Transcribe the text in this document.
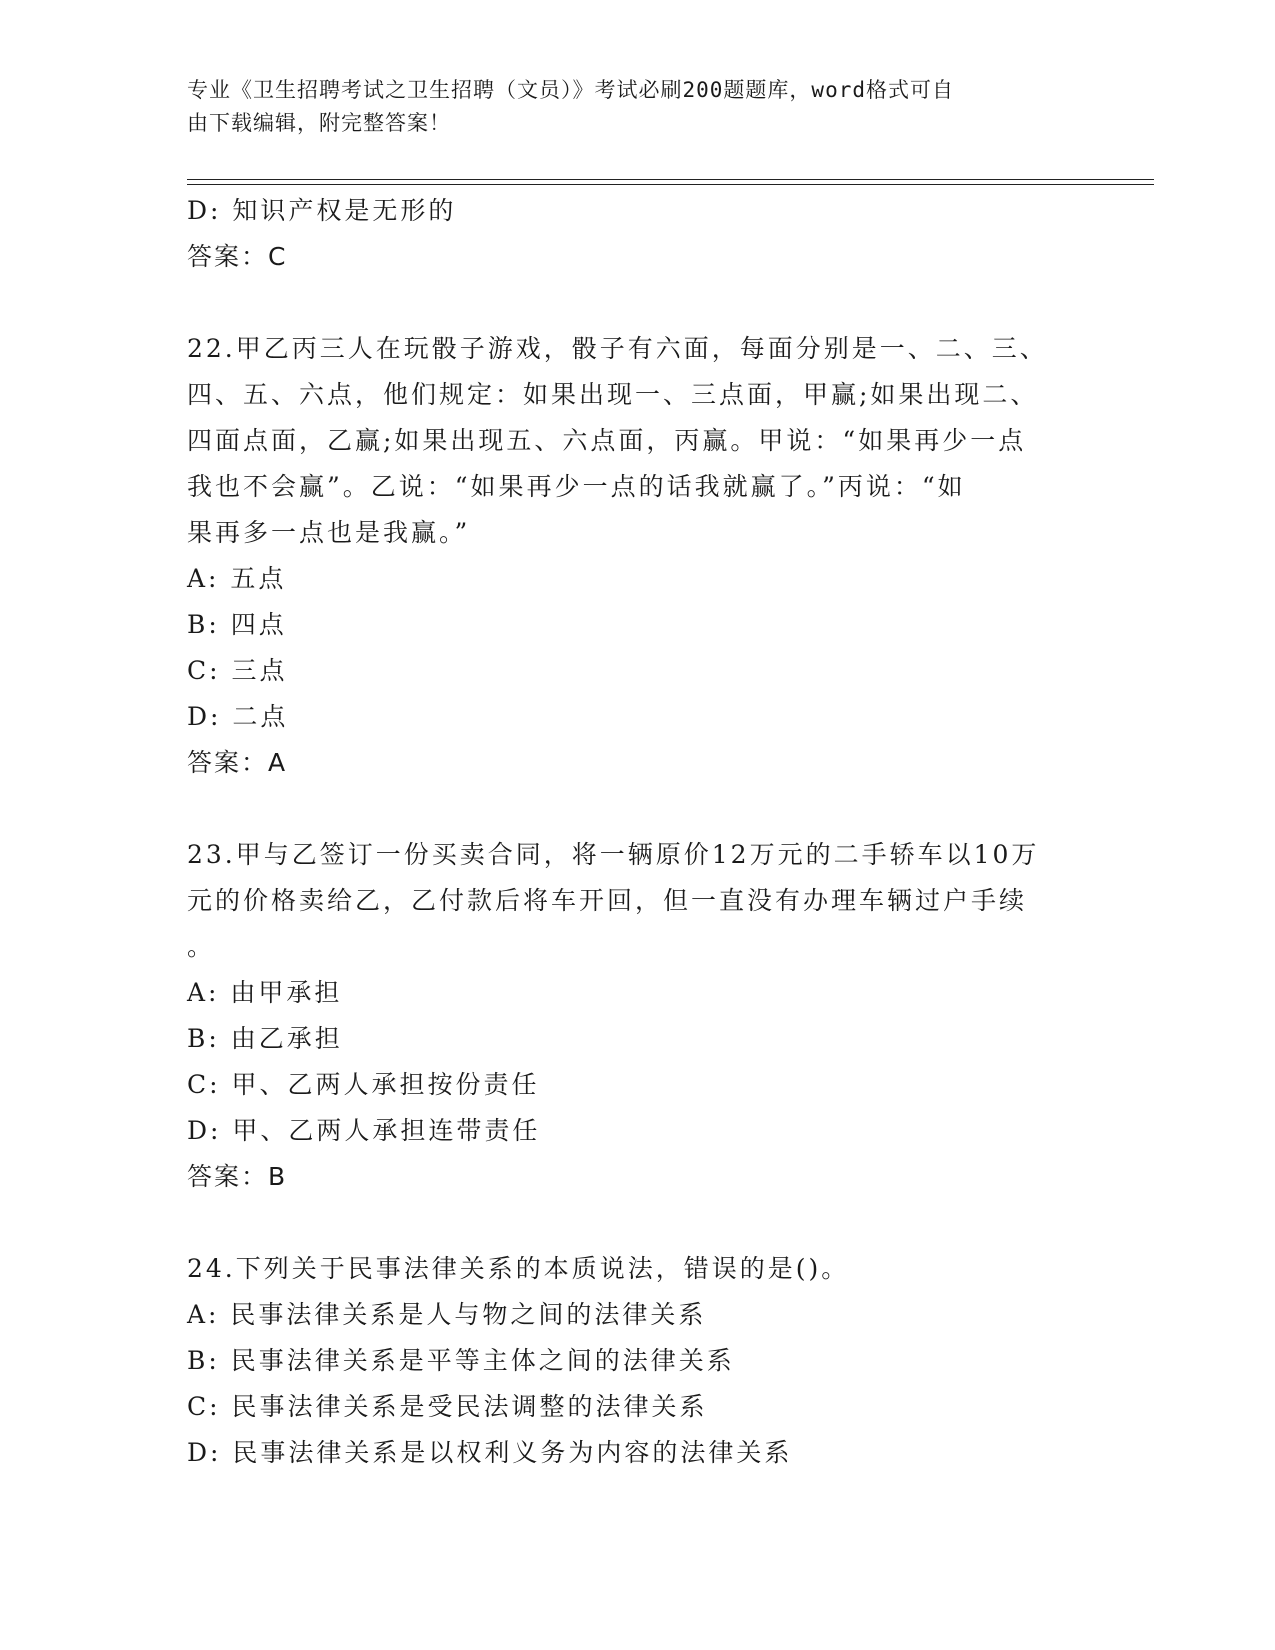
专业《卫生招聘考试之卫生招聘（文员）》考试必刷200题题库，word格式可自
由下载编辑，附完整答案！
D: 知识产权是无形的
答案：C
22.甲乙丙三人在玩骰子游戏，骰子有六面，每面分别是一、二、三、
四、五、六点，他们规定：如果出现一、三点面，甲赢;如果出现二、
四面点面，乙赢;如果出现五、六点面，丙赢。甲说：“如果再少一点
我也不会赢”。乙说：“如果再少一点的话我就赢了。”丙说：“如
果再多一点也是我赢。”
A: 五点
B: 四点
C: 三点
D: 二点
答案：A
23.甲与乙签订一份买卖合同，将一辆原价12万元的二手轿车以10万
元的价格卖给乙，乙付款后将车开回，但一直没有办理车辆过户手续
。
A: 由甲承担
B: 由乙承担
C: 甲、乙两人承担按份责任
D: 甲、乙两人承担连带责任
答案：B
24.下列关于民事法律关系的本质说法，错误的是()。
A: 民事法律关系是人与物之间的法律关系
B: 民事法律关系是平等主体之间的法律关系
C: 民事法律关系是受民法调整的法律关系
D: 民事法律关系是以权利义务为内容的法律关系
